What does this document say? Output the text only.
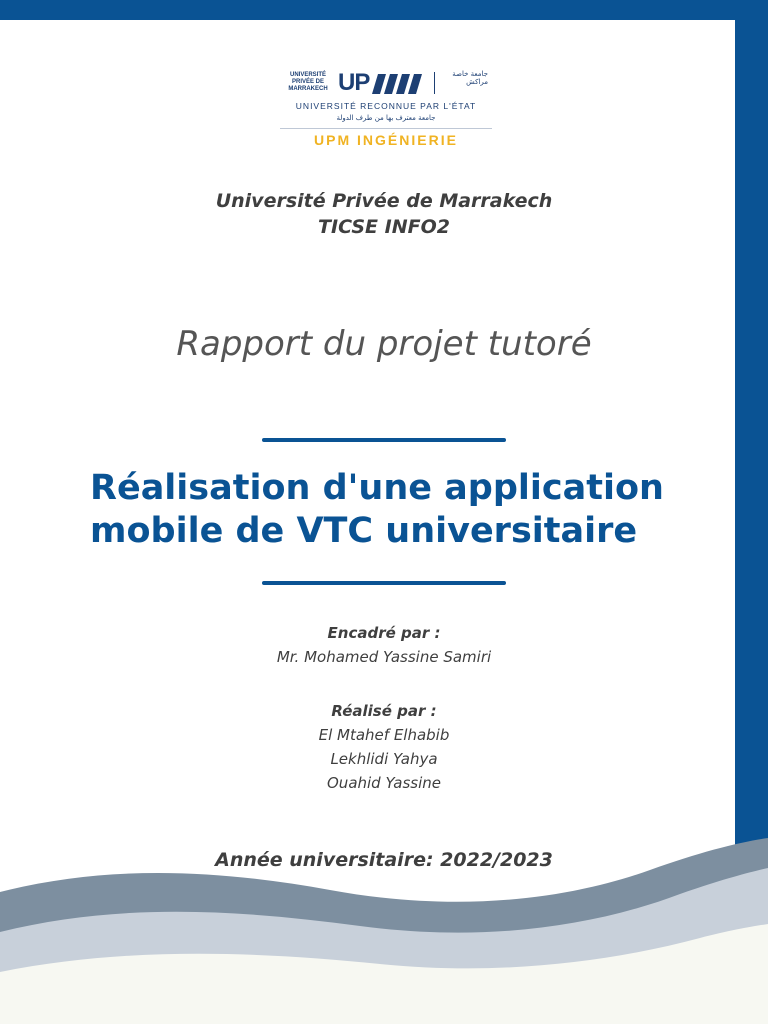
UNIVERSITÉ PRIVÉE DE MARRAKECH UP	جامعة خاصة مراكش
UNIVERSITÉ RECONNUE PAR L'ÉTAT
جامعة معترف بها من طرف الدولة
UPM INGÉNIERIE
Université Privée de Marrakech
TICSE INFO2
Rapport du projet tutoré
Réalisation d'une application
mobile de VTC universitaire
Encadré par :
Mr. Mohamed Yassine Samiri
Réalisé par :
El Mtahef Elhabib
Lekhlidi Yahya
Ouahid Yassine
Année universitaire: 2022/2023
